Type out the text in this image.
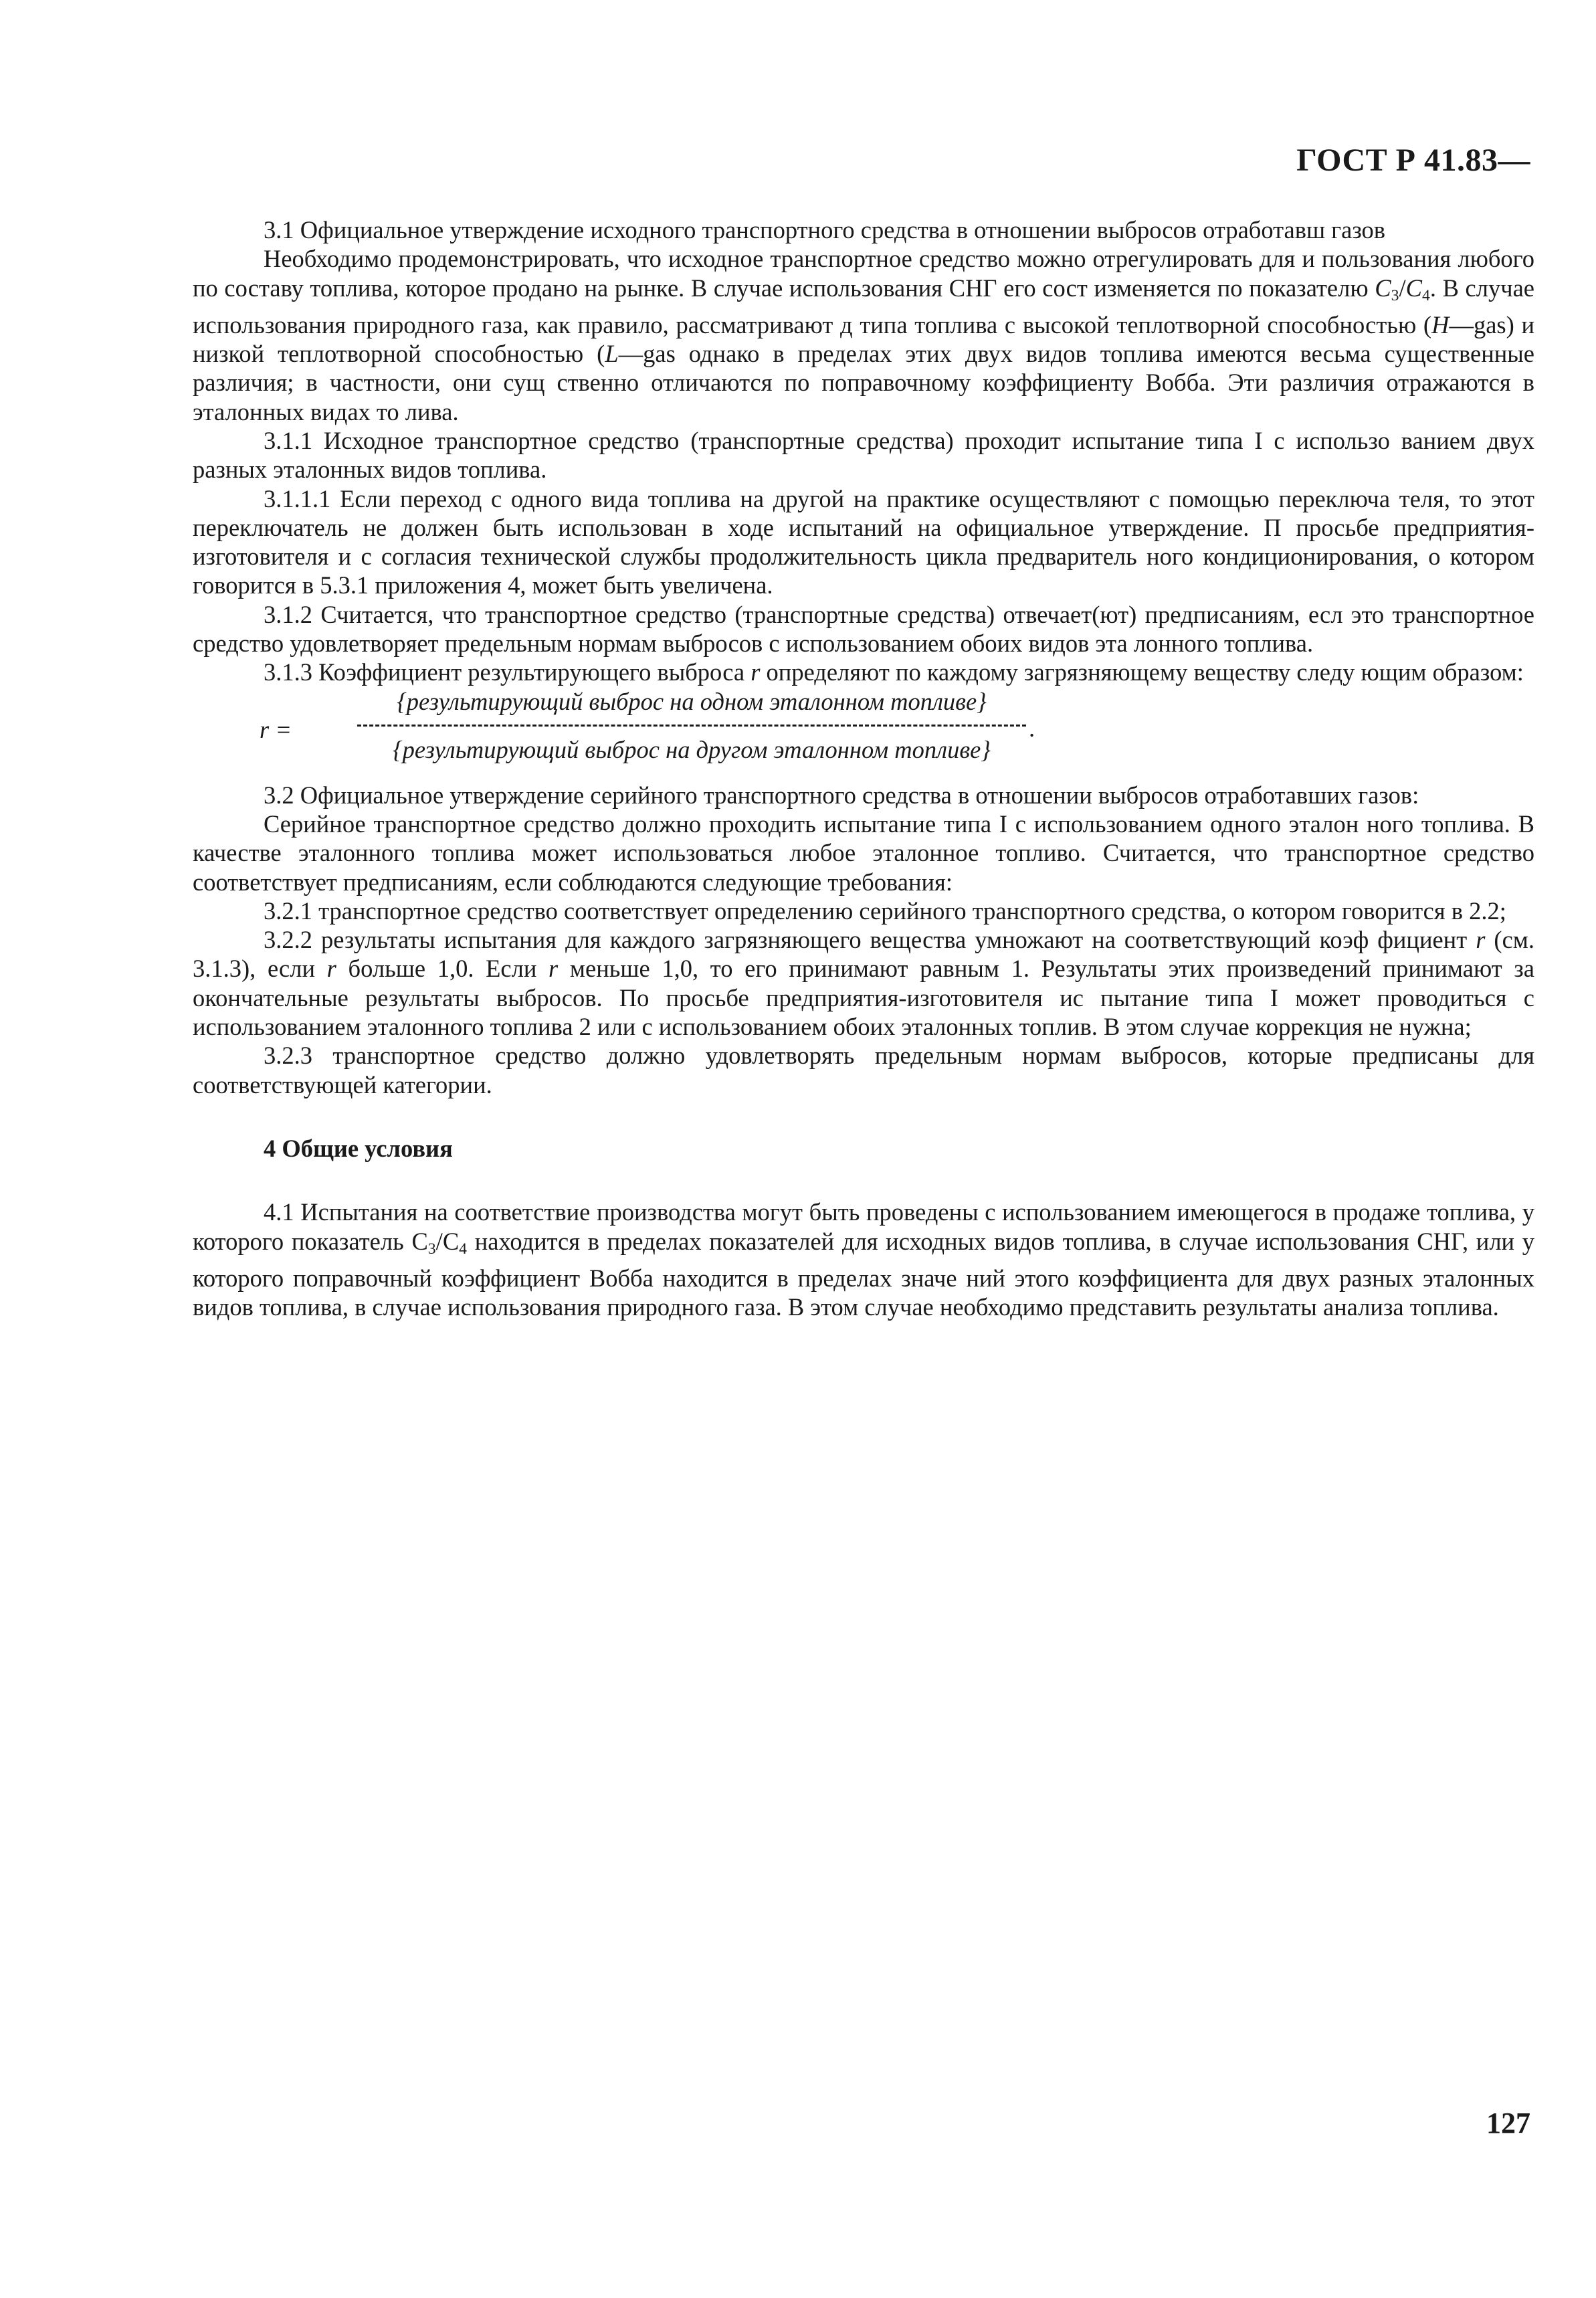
ГОСТ Р 41.83—

3.1 Официальное утверждение исходного транспортного средства в отношении выбросов отработавш газов

Необходимо продемонстрировать, что исходное транспортное средство можно отрегулировать для и пользования любого по составу топлива, которое продано на рынке. В случае использования СНГ его сост изменяется по показателю $C_3/C_4$. В случае использования природного газа, как правило, рассматривают д типа топлива с высокой теплотворной способностью (H—gas) и низкой теплотворной способностью (L—gas однако в пределах этих двух видов топлива имеются весьма существенные различия; в частности, они сущ ственно отличаются по поправочному коэффициенту Вобба. Эти различия отражаются в эталонных видах то лива.

3.1.1 Исходное транспортное средство (транспортные средства) проходит испытание типа I с использо ванием двух разных эталонных видов топлива.

3.1.1.1 Если переход с одного вида топлива на другой на практике осуществляют с помощью переключа теля, то этот переключатель не должен быть использован в ходе испытаний на официальное утверждение. П просьбе предприятия-изготовителя и с согласия технической службы продолжительность цикла предваритель ного кондиционирования, о котором говорится в 5.3.1 приложения 4, может быть увеличена.

3.1.2 Считается, что транспортное средство (транспортные средства) отвечает(ют) предписаниям, есл это транспортное средство удовлетворяет предельным нормам выбросов с использованием обоих видов эта лонного топлива.

3.1.3 Коэффициент результирующего выброса r определяют по каждому загрязняющему веществу следу ющим образом:

r =
{результирующий выброс на одном эталонном топливе}
{результирующий выброс на другом эталонном топливе}
.

3.2 Официальное утверждение серийного транспортного средства в отношении выбросов отработавших газов:

Серийное транспортное средство должно проходить испытание типа I с использованием одного эталон ного топлива. В качестве эталонного топлива может использоваться любое эталонное топливо. Считается, что транспортное средство соответствует предписаниям, если соблюдаются следующие требования:

3.2.1 транспортное средство соответствует определению серийного транспортного средства, о котором говорится в 2.2;

3.2.2 результаты испытания для каждого загрязняющего вещества умножают на соответствующий коэф фициент r (см. 3.1.3), если r больше 1,0. Если r меньше 1,0, то его принимают равным 1. Результаты этих произведений принимают за окончательные результаты выбросов. По просьбе предприятия-изготовителя ис пытание типа I может проводиться с использованием эталонного топлива 2 или с использованием обоих эталонных топлив. В этом случае коррекция не нужна;

3.2.3 транспортное средство должно удовлетворять предельным нормам выбросов, которые предписаны для соответствующей категории.

4 Общие условия

4.1 Испытания на соответствие производства могут быть проведены с использованием имеющегося в продаже топлива, у которого показатель $C_3/C_4$ находится в пределах показателей для исходных видов топлива, в случае использования СНГ, или у которого поправочный коэффициент Вобба находится в пределах значе ний этого коэффициента для двух разных эталонных видов топлива, в случае использования природного газа. В этом случае необходимо представить результаты анализа топлива.

127
